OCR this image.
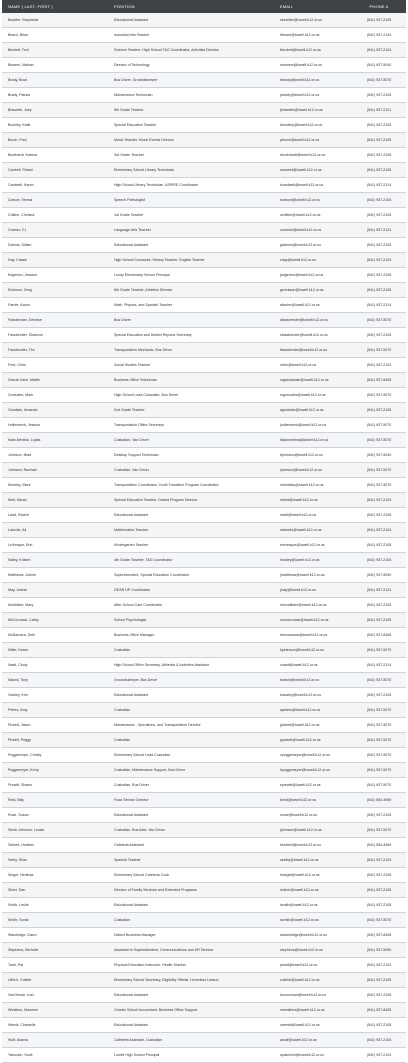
NAME ( LAST, FIRST )	POSITION	EMAIL	PHONE #
Beadler, Stephanie	Educational Assistant	sbeadler@lowell.k12.or.us	(541) 937-2105
Beard, Brian	Industrial Arts Teacher	bbeard@lowell.k12.or.us	(541) 937-2124
Beckett, Toni	Science Teacher, High School TAG Coordinator, Activities Director	tbeckett@lowell.k12.or.us	(541) 937-2124
Bowers, Nathan	Director of Technology	nbowers@lowell.k12.or.us	(541) 937-5040
Brady, Brad	Bus Driver, Groundskeeper	bbrady@lowell.k12.or.us	(541) 937-5070
Brady, Patrick	Maintenance Technician	pbrady@lowell.k12.or.us	(541) 937-2105
Brissette, Joey	5th Grade Teacher	jbrissette@lowell.k12.or.us	(541) 937-2101
Buckley, Katie	Special Education Teacher	kbuckley@lowell.k12.or.us	(541) 937-2105
Burch, Paul	Music Teacher, Music Events Director	pburch@lowell.k12.or.us	(541) 937-2105
Burkhardt, Katrina	3rd Grade Teacher	kburkhardt@lowell.k12.or.us	(541) 937-2105
Cantrell, Sharol	Elementary School Library Technician	scantrell@lowell.k12.or.us	(541) 937-2105
Cardwell, Karen	High School Library Technician, ASPIRE Coordinator	kcardwell@lowell.k12.or.us	(541) 937-2124
Carson, Teresa	Speech Pathologist	tcarson@lowell.k12.or.us	(541) 937-2105
Chittim, Chelsea	1st Grade Teacher	cchittim@lowell.k12.or.us	(541) 937-2105
Cramer, CJ	Language Arts Teacher	ccramer@lowell.k12.or.us	(541) 937-2124
Dahms, Gillian	Educational Assistant	gdahms@lowell.k12.or.us	(541) 937-2105
Day, Cassie	High School Counselor, History Teacher, English Teacher	cday@lowell.k12.or.us	(541) 937-2124
Edgerton, Jessica	Lundy Elementary School Principal	jedgerton@lowell.k12.or.us	(541) 937-2105
Erickson, Greg	6th Grade Teacher, Athletics Director	gerickson@lowell.k12.or.us	(541) 937-2105
Farrier, Aaron	Math, Physics, and Spanish Teacher	afarrier@lowell.k12.or.us	(541) 937-2124
Fassbender, Dennise	Bus Driver	dfassbender@lowell.k12.or.us	(541) 937-5070
Fassbender, Shannon	Special Education and District Reports Secretary	sfassbender@lowell.k12.or.us	(541) 937-2105
Fassbender, Tim	Transportation Mechanic, Bus Driver	tfassbender@lowell.k12.or.us	(541) 937-5070
Free, Chris	Social Studies Teacher	cfree@lowell.k12.or.us	(541) 937-2124
Garcia Cash, Mattie	Business Office Technician	mgarciacash@lowell.k12.or.us	(541) 937-8405
Gonzales, Mark	High School Lead Custodian, Bus Driver	mgonzales@lowell.k12.or.us	(541) 937-5070
Goodwin, Amanda	2nd Grade Teacher	agoodwin@lowell.k12.or.us	(541) 937-2105
Hollenbeck, Jessica	Transportation Office Secretary	jhollenbeck@lowell.k12.or.us	(541) 937-5070
Islan-Medina, Lupita	Custodian, Van Driver	lislanmedina@lowell.k12.or.us	(541) 937-5070
Johnson, Brad	Desktop Support Technician	bjohnson@lowell.k12.or.us	(541) 937-5040
Johnson, Rachael	Custodian, Van Driver	rjohnson@lowell.k12.or.us	(541) 937-5070
Kimbley, Mark	Transportation Coordinator, Youth Transition Program Coordinator	mkimbley@lowell.k12.or.us	(541) 937-5070
Kleti, Micah	Special Education Teacher, Drama Program Director	mkleti@lowell.k12.or.us	(541) 937-2124
Ladd, Rachel	Educational Assistant	rladd@lowell.k12.or.us	(541) 937-2105
Latovitz, Ali	Mathematics Teacher	alatovitz@lowell.k12.or.us	(541) 937-2124
LeVesque, Erin	Kindergarten Teacher	elevesque@lowell.k12.or.us	(541) 937-2105
Maley, Kristen	4th Grade Teacher, TAG Coordinator	kmaley@lowell.k12.or.us	(541) 937-2105
Matthews, Johnie	Superintendent, Special Education Coordinator	jmatthews@lowell.k12.or.us	(541) 937-5090
May, Jeanie	GEAR UP Coordinator	jmay@lowell.k12.or.us	(541) 937-2124
McAllister, Mary	After School Care Coordinator	mmcallister@lowell.k12.or.us	(541) 937-2105
McCormack, Cathy	School Psychologist	cmccormack@lowell.k12.or.us	(541) 937-2105
McNamara, Debi	Business Office Manager	dmcnamara@lowell.k12.or.us	(541) 937-8405
Miller, Karen	Custodian	kpeterson@lowell.k12.or.us	(541) 937-5070
Nasti, Cindy	High School Office Secretary, Athletics & Activities Assistant	cnasti@lowell.k12.or.us	(541) 937-2124
Natoni, Tony	Groundskeeper, Bus Driver	tnatoni@lowell.k12.or.us	(541) 937-5070
Owsley, Kim	Educational Assistant	kowsley@lowell.k12.or.us	(541) 937-2105
Peters, Amy	Custodian	apeters@lowell.k12.or.us	(541) 937-5070
Pickett, Jason	Maintenance , Operations, and Transportation Director	jpickett@lowell.k12.or.us	(541) 937-5070
Pickett, Peggy	Custodian	ppickett@lowell.k12.or.us	(541) 937-5070
Poggemeyer, Christy	Elementary School Lead Custodian	cpoggemeyer@lowell.k12.or.us	(541) 937-5070
Poggemeyer, Kerry	Custodian, Maintenance Support, Bus Driver	kpoggemeyer@lowell.k12.or.us	(541) 937-5070
Prewitt, Shawn	Custodian, Bus Driver	sprewitt@lowell.k12.or.us	(541) 937-5070
Reid, Billy	Food Service Director	breid@lowell.k12.or.us	(541) 554-4969
Rose, Susan	Educational Assistant	srose@lowell.k12.or.us	(541) 937-2105
Sevie-Johnson, Louise	Custodian, Bus Aide, Van Driver	ljohnson@lowell.k12.or.us	(541) 937-5070
Seibert, Heather	Cafeteria Assistant	hseibert@lowell.k12.or.us	(541) 554-4969
Selby, Shan	Spanish Teacher	sselby@lowell.k12.or.us	(541) 937-2124
Siegel, Herlinda	Elementary School Cafeteria Cook	hsiegel@lowell.k12.or.us	(541) 937-2105
Silver, Dan	Director of Family Services and Extended Programs	dsilver@lowell.k12.or.us	(541) 937-2105
Smith, Leslie	Educational Assistant	lsmith@lowell.k12.or.us	(541) 937-2105
Smith, Sonia	Custodian	ssmith@lowell.k12.or.us	(541) 937-5070
Standridge, Dawn	District Business Manager	dstandridge@lowell.k12.or.us	(541) 937-8405
Stephens, Michelle	Assistant to Superintendent, Communications and HR Director	stephens@lowell.k12.or.us	(541) 937-5090
Todd, Pat	Physical Education Instructor, Health Teacher	ptodd@lowell.k12.or.us	(541) 937-2124
Ullrich, Colette	Elementary School Secretary, Eligibility Official, Homeless Liaison	cullrich@lowell.k12.or.us	(541) 937-2105
VonOrman, Kari	Educational Assistant	kvonorman@lowell.k12.or.us	(541) 937-2105
Westfors, Maureen	Charter School Accountant, Business Office Support	mwestfors@lowell.k12.or.us	(541) 937-8405
Wendt, Chantelle	Educational Assistant	cwendt@lowell.k12.or.us	(541) 937-2105
Wolf, Alanna	Cafeteria Assistant, Custodian	awolf@lowell.k12.or.us	(541) 937-2105
Yakovich, Scott	Lowell High School Principal	syakovich@lowell.k12.or.us	(541) 937-2124
